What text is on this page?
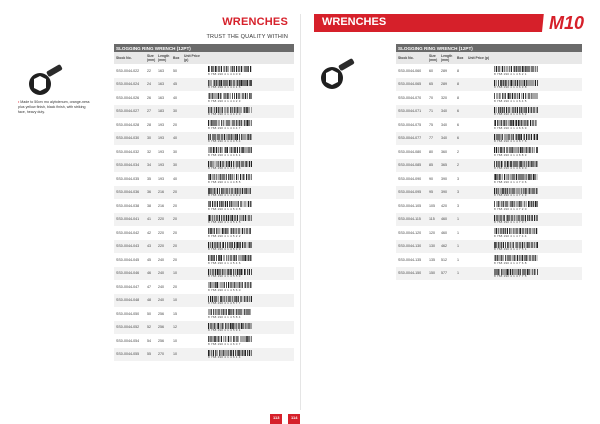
WRENCHES	WRENCHES	M10
TRUST THE QUALITY WITHIN
• Made to 50crv mo alybdenum, orange-ness plus yellow finish, black finish, with striking face, heavy duty.
SLOGGING RING WRENCH (12PT)					
Stock No.	Size (mm)	Length (mm)	Box	Unit Price (p)	
SS0-0044-022	22	163	50		8 768 190 4 1 4 4 0 9

SS0-0044-024	24	163	45		8 768 190 4 1 4 4 1 6

SS0-0044-026	26	163	40		8 768 190 4 1 4 4 2 3

SS0-0044-027	27	183	30		8 768 190 4 1 4 4 3 0

SS0-0044-028	28	193	20		8 768 190 4 1 4 4 4 7

SS0-0044-030	30	193	40		8 768 190 4 1 4 4 5 4

SS0-0044-032	32	193	30		8 768 190 4 1 4 4 6 1

SS0-0044-034	34	193	30		8 768 190 4 1 4 4 7 8

SS0-0044-035	35	193	40		8 768 190 4 1 4 4 8 5

SS0-0044-036	36	216	20		8 768 190 4 1 4 4 9 2

SS0-0044-038	38	216	20		8 768 190 4 1 4 5 0 8

SS0-0044-041	41	220	20		8 768 190 4 1 4 5 1 5

SS0-0044-042	42	220	20		8 768 190 4 1 4 5 2 2

SS0-0044-043	43	220	20		8 768 190 4 1 4 5 3 9

SS0-0044-045	45	240	20		8 768 190 4 1 4 5 4 6

SS0-0044-046	46	240	10		8 768 190 4 1 4 5 5 3

SS0-0044-047	47	240	20		8 768 190 4 1 4 5 6 0

SS0-0044-048	48	240	10		8 768 190 4 1 4 5 7 7

SS0-0044-050	50	256	15		8 768 190 4 1 4 5 8 4

SS0-0044-052	52	256	12		8 768 190 4 1 4 5 9 1

SS0-0044-054	54	256	10		8 768 190 4 1 4 6 0 7

SS0-0044-055	55	270	10		8 768 190 4 1 4 6 1 4
SLOGGING RING WRENCH (12PT)					
Stock No.	Size (mm)	Length (mm)	Box	Unit Price (p)	
SS0-0044-060	60	289	8		8 768 190 4 1 4 6 2 1

SS0-0044-065	65	289	8		8 768 190 4 1 4 6 3 8

SS0-0044-070	70	320	8		8 768 190 4 1 4 6 4 5

SS0-0044-071	71	340	6		8 768 190 4 1 4 6 5 2

SS0-0044-075	75	340	6		8 768 190 4 1 4 6 6 9

SS0-0044-077	77	340	6		8 768 190 4 1 4 6 7 6

SS0-0044-080	80	360	2		8 768 190 4 1 4 6 8 3

SS0-0044-085	85	365	2		8 768 190 4 1 4 6 9 0

SS0-0044-090	90	390	3		8 768 190 4 1 4 7 0 6

SS0-0044-095	95	390	3		8 768 190 4 1 4 7 1 3

SS0-0044-105	105	420	3		8 768 190 4 1 4 7 2 0

SS0-0044-115	115	460	1		8 768 190 4 1 4 7 3 7

SS0-0044-120	120	460	1		8 768 190 4 1 4 7 4 4

SS0-0044-130	130	462	1		8 768 190 4 1 4 7 5 1

SS0-0044-135	135	512	1		8 768 190 4 1 4 7 6 8

SS0-0044-150	150	577	1		8 768 190 4 1 4 7 7 5
113	114
